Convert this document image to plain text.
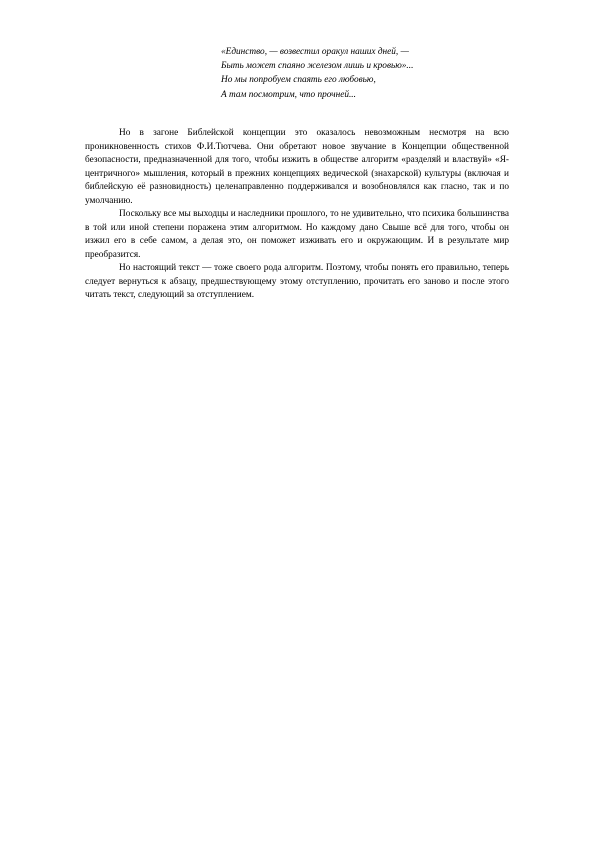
«Единство, — возвестил оракул наших дней, —
Быть может спаяно железом лишь и кровью»...
Но мы попробуем спаять его любовью,
А там посмотрим, что прочней...

Но в загоне Библейской концепции это оказалось невозможным несмотря на всю проникновенность стихов Ф.И.Тютчева. Они обретают новое звучание в Концепции общественной безопасности, предназначенной для того, чтобы изжить в обществе алгоритм «разделяй и властвуй» «Я-центричного» мышления, который в прежних концепциях ведической (знахарской) культуры (включая и библейскую её разновидность) целенаправленно поддерживался и возобновлялся как гласно, так и по умолчанию.

Поскольку все мы выходцы и наследники прошлого, то не удивительно, что психика большинства в той или иной степени поражена этим алгоритмом. Но каждому дано Свыше всё для того, чтобы он изжил его в себе самом, а делая это, он поможет изживать его и окружающим. И в результате мир преобразится.

Но настоящий текст — тоже своего рода алгоритм. Поэтому, чтобы понять его правильно, теперь следует вернуться к абзацу, предшествующему этому отступлению, прочитать его заново и после этого читать текст, следующий за отступлением.
